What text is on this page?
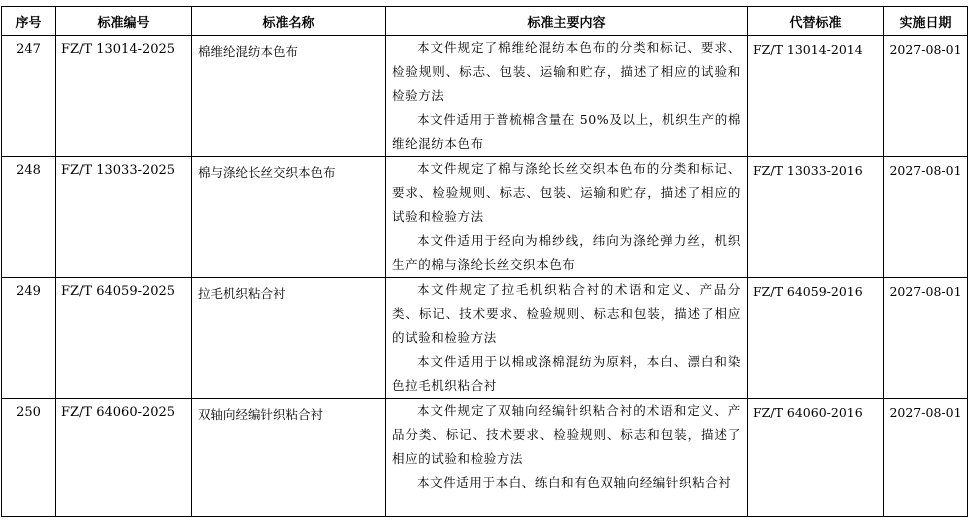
序号	标准编号	标准名称	标准主要内容	代替标准	实施日期
247	FZ/T 13014-2025	棉维纶混纺本色布	本文件规定了棉维纶混纺本色布的分类和标记、要求、检验规则、标志、包装、运输和贮存，描述了相应的试验和检验方法

本文件适用于普梳棉含量在 50%及以上，机织生产的棉维纶混纺本色布	FZ/T 13014-2014	2027-08-01
248	FZ/T 13033-2025	棉与涤纶长丝交织本色布	本文件规定了棉与涤纶长丝交织本色布的分类和标记、要求、检验规则、标志、包装、运输和贮存，描述了相应的试验和检验方法

本文件适用于经向为棉纱线，纬向为涤纶弹力丝，机织生产的棉与涤纶长丝交织本色布	FZ/T 13033-2016	2027-08-01
249	FZ/T 64059-2025	拉毛机织粘合衬	本文件规定了拉毛机织粘合衬的术语和定义、产品分类、标记、技术要求、检验规则、标志和包装，描述了相应的试验和检验方法

本文件适用于以棉或涤棉混纺为原料，本白、漂白和染色拉毛机织粘合衬	FZ/T 64059-2016	2027-08-01
250	FZ/T 64060-2025	双轴向经编针织粘合衬	本文件规定了双轴向经编针织粘合衬的术语和定义、产品分类、标记、技术要求、检验规则、标志和包装，描述了相应的试验和检验方法

本文件适用于本白、练白和有色双轴向经编针织粘合衬	FZ/T 64060-2016	2027-08-01
